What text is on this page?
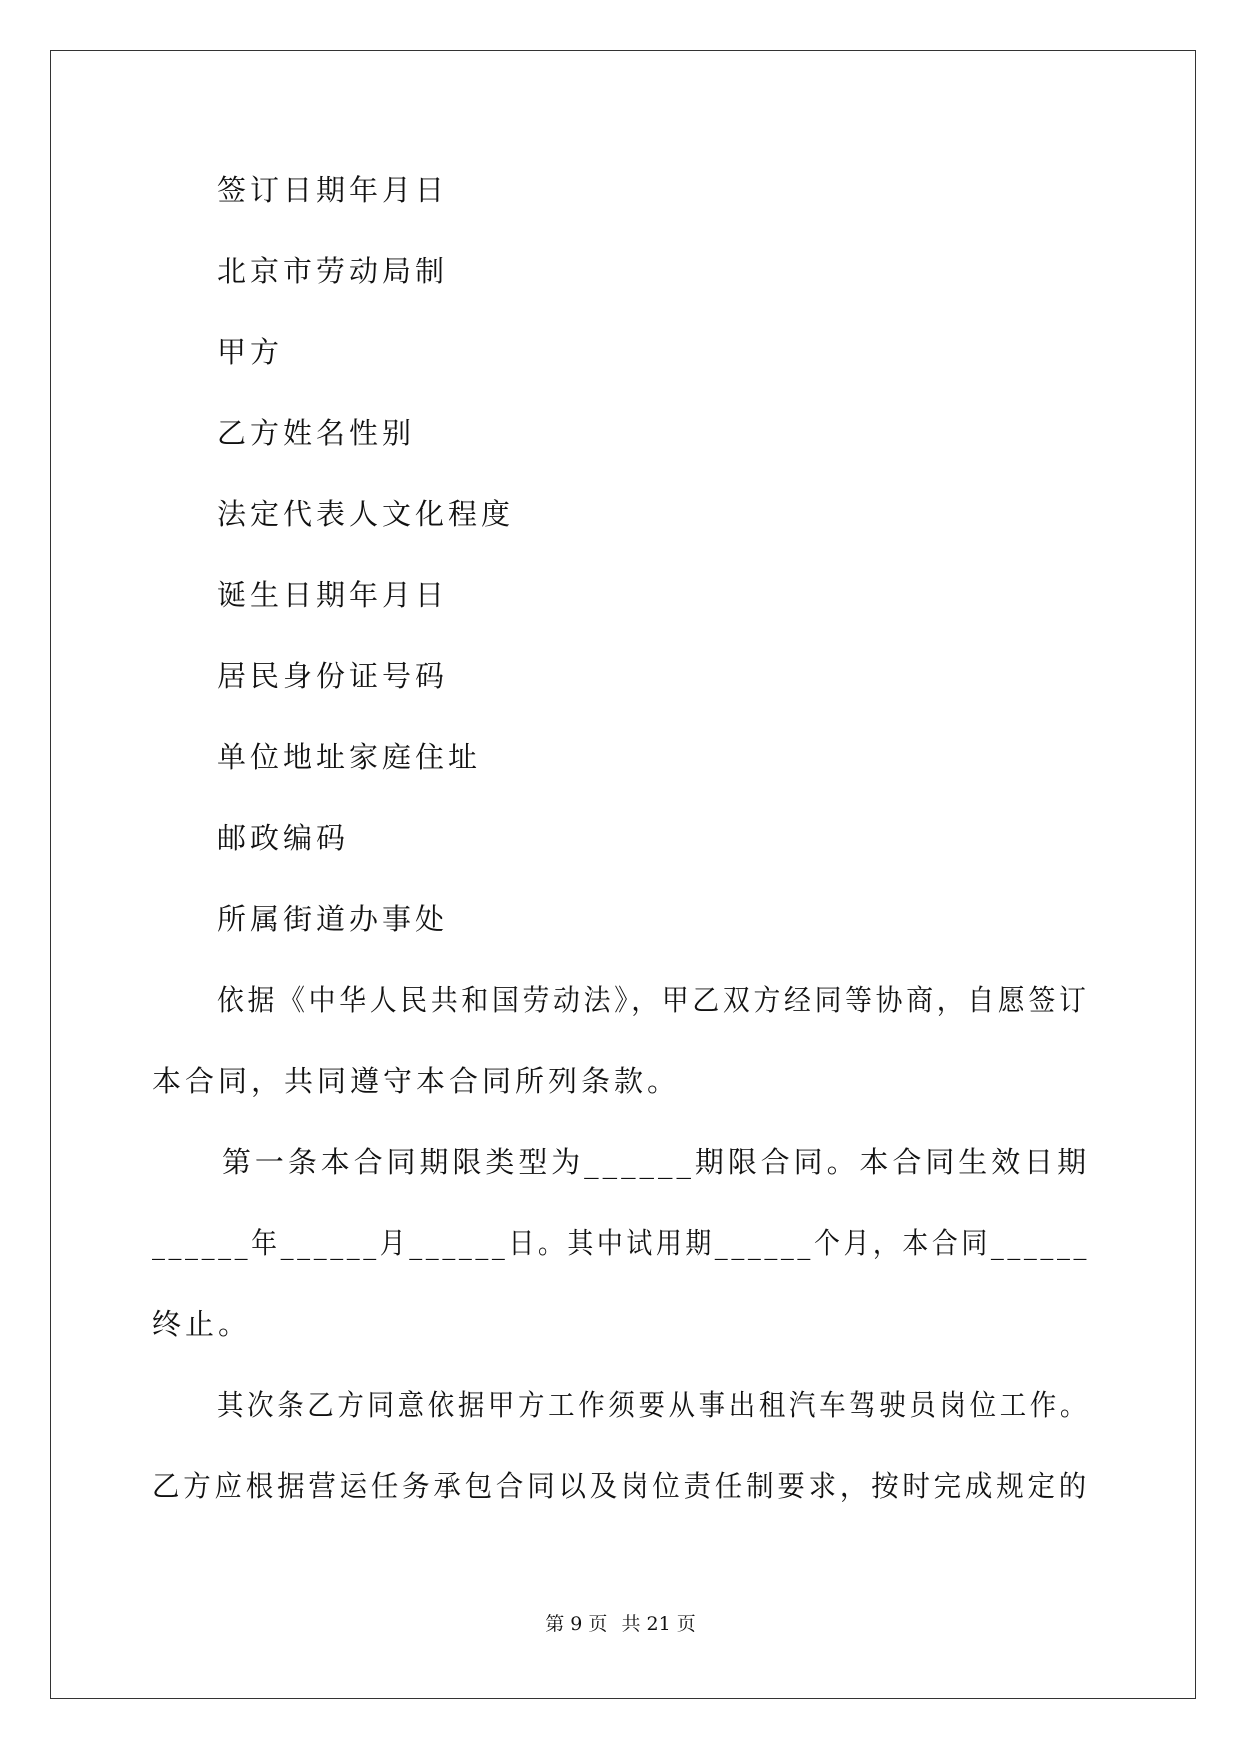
签订日期年月日
北京市劳动局制
甲方
乙方姓名性别
法定代表人文化程度
诞生日期年月日
居民身份证号码
单位地址家庭住址
邮政编码
所属街道办事处
依据《中华人民共和国劳动法》，甲乙双方经同等协商，自愿签订
本合同，共同遵守本合同所列条款。
第一条本合同期限类型为______期限合同。本合同生效日期
______年______月______日。其中试用期______个月，本合同______
终止。
其次条乙方同意依据甲方工作须要从事出租汽车驾驶员岗位工作。
乙方应根据营运任务承包合同以及岗位责任制要求，按时完成规定的
第 9 页 共 21 页
